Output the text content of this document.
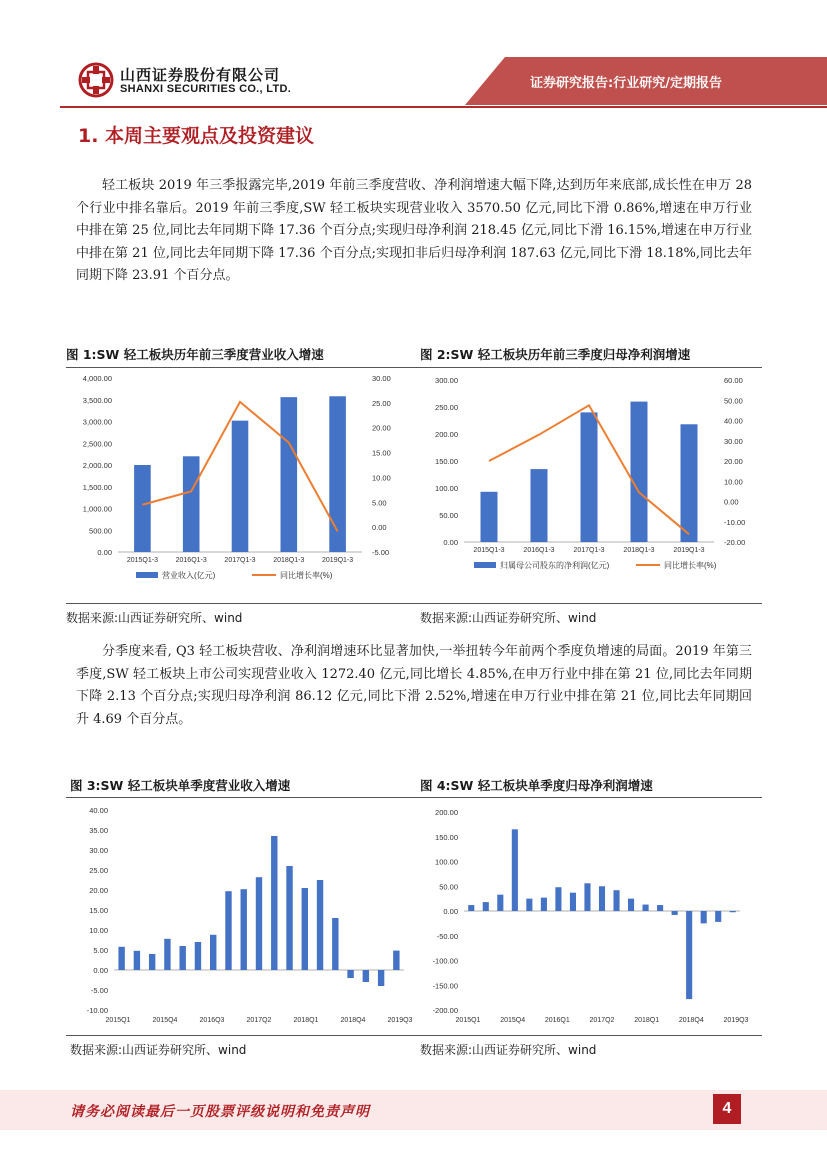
山西证券股份有限公司
SHANXI SECURITIES CO., LTD.	证券研究报告:行业研究/定期报告
1. 本周主要观点及投资建议
轻工板块 2019 年三季报露完毕,2019 年前三季度营收、净利润增速大幅下降,达到历年来底部,成长性在申万 28 个行业中排名靠后。2019 年前三季度,SW 轻工板块实现营业收入 3570.50 亿元,同比下滑 0.86%,增速在申万行业中排在第 25 位,同比去年同期下降 17.36 个百分点;实现归母净利润 218.45 亿元,同比下滑 16.15%,增速在申万行业中排在第 21 位,同比去年同期下降 17.36 个百分点;实现扣非后归母净利润 187.63 亿元,同比下滑 18.18%,同比去年同期下降 23.91 个百分点。
图 1:SW 轻工板块历年前三季度营业收入增速	图 2:SW 轻工板块历年前三季度归母净利润增速
4,000.00
3,500.00
3,000.00
2,500.00
2,000.00
1,500.00
1,000.00
500.00
0.00
30.00
25.00
20.00
15.00
10.00
5.00
0.00
-5.00
2015Q1-3	2016Q1-3	2017Q1-3	2018Q1-3	2019Q1-3
营业收入(亿元)	同比增长率(%)
300.00
250.00
200.00
150.00
100.00
50.00
0.00
60.00
50.00
40.00
30.00
20.00
10.00
0.00
-10.00
-20.00
2015Q1-3	2016Q1-3	2017Q1-3	2018Q1-3	2019Q1-3
归属母公司股东的净利润(亿元)	同比增长率(%)
数据来源:山西证券研究所、wind	数据来源:山西证券研究所、wind
分季度来看, Q3 轻工板块营收、净利润增速环比显著加快,一举扭转今年前两个季度负增速的局面。2019 年第三季度,SW 轻工板块上市公司实现营业收入 1272.40 亿元,同比增长 4.85%,在申万行业中排在第 21 位,同比去年同期下降 2.13 个百分点;实现归母净利润 86.12 亿元,同比下滑 2.52%,增速在申万行业中排在第 21 位,同比去年同期回升 4.69 个百分点。
图 3:SW 轻工板块单季度营业收入增速	图 4:SW 轻工板块单季度归母净利润增速
40.00
35.00
30.00
25.00
20.00
15.00
10.00
5.00
0.00
-5.00
-10.00
2015Q1	2015Q4	2016Q3	2017Q2	2018Q1	2018Q4	2019Q3
200.00
150.00
100.00
50.00
0.00
-50.00
-100.00
-150.00
-200.00
2015Q1	2015Q4	2016Q1	2017Q2	2018Q1	2018Q4	2019Q3
数据来源:山西证券研究所、wind	数据来源:山西证券研究所、wind
请务必阅读最后一页股票评级说明和免责声明	4
